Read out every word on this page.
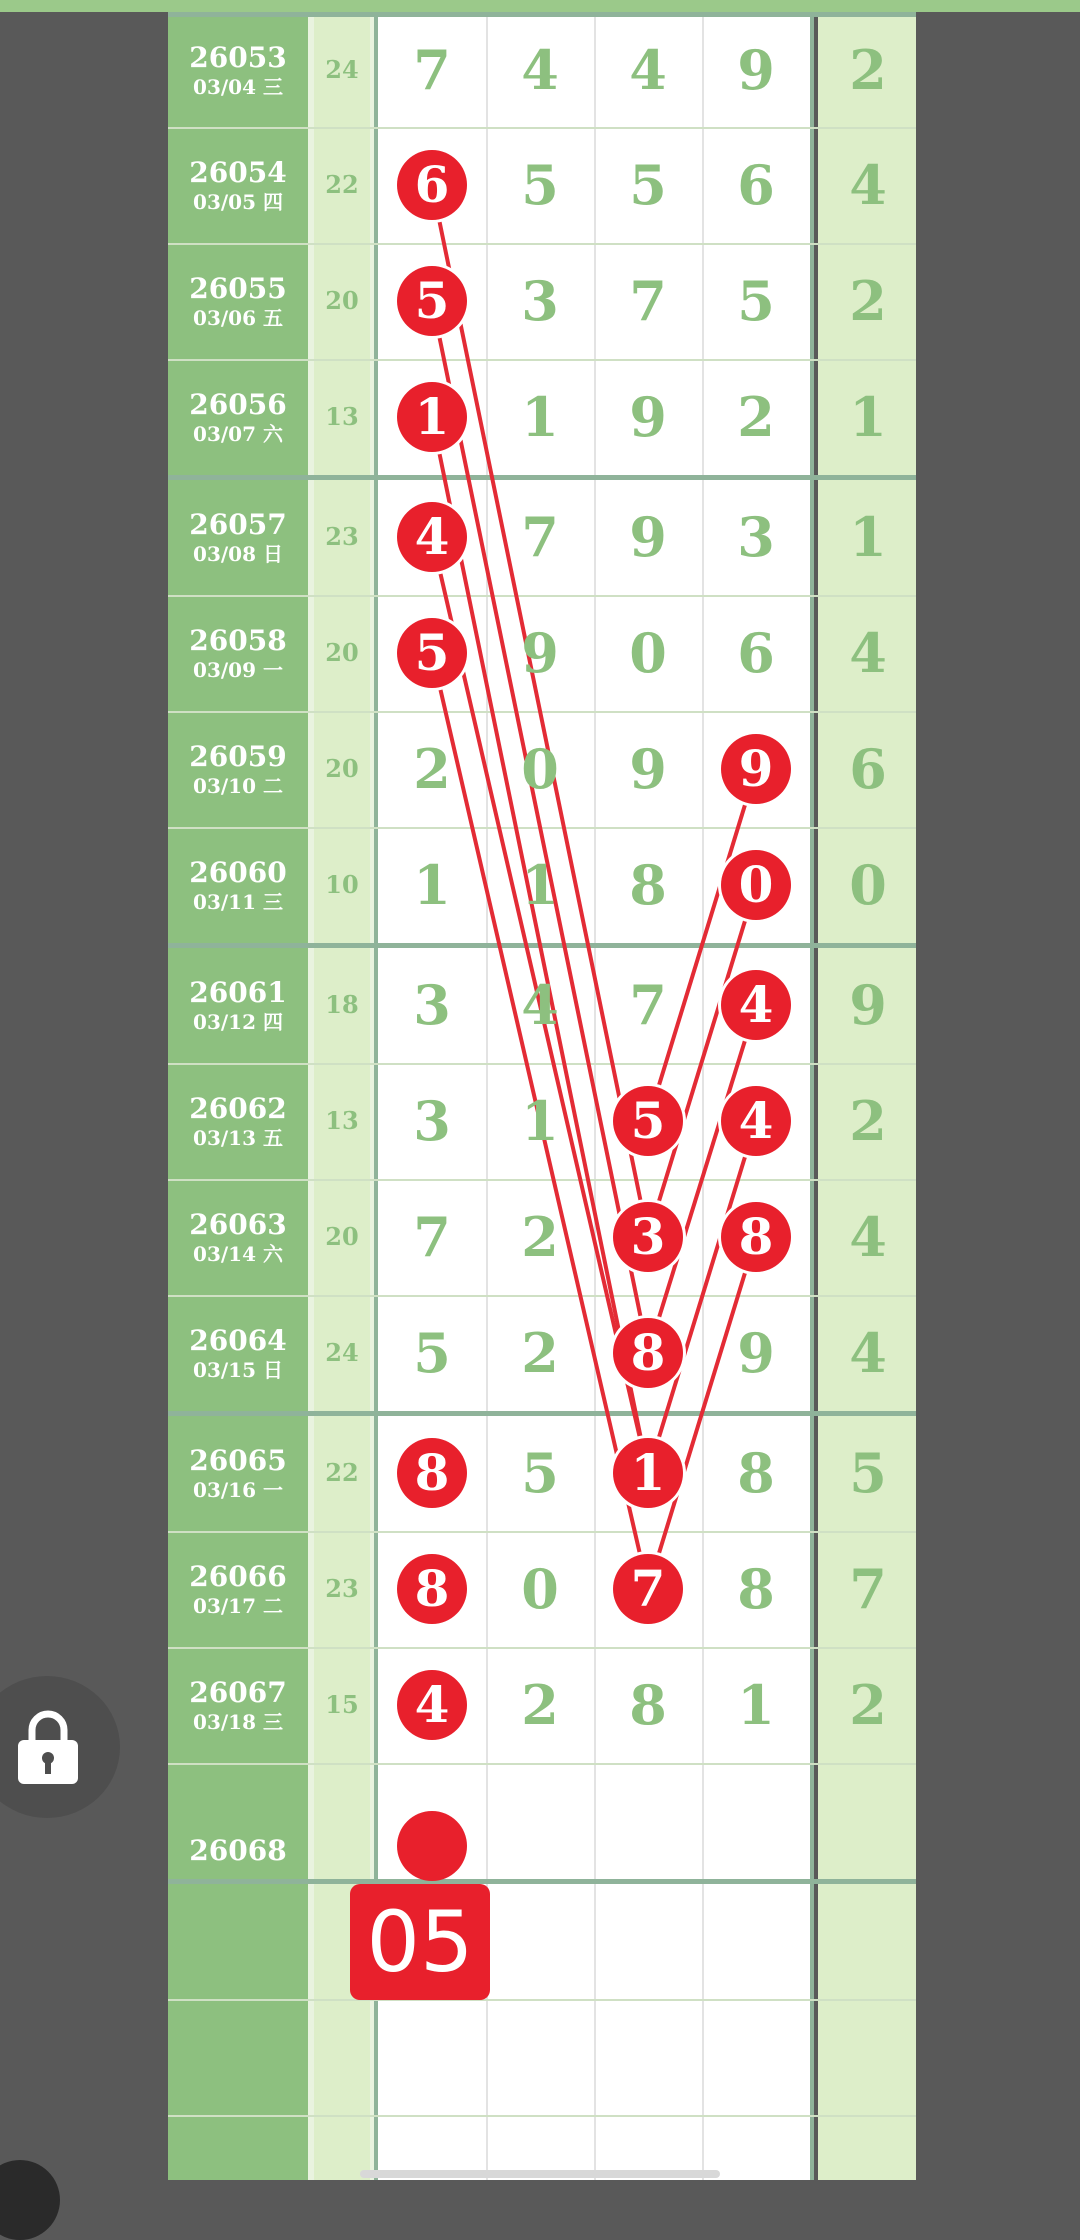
26053
03/04 三
24	7	4	4	9	2
26054
03/05 四
22	6	5	5	6	4
26055
03/06 五
20	5	3	7	5	2
26056
03/07 六
13	1	1	9	2	1
26057
03/08 日
23	4	7	9	3	1
26058
03/09 一
20	5	9	0	6	4
26059
03/10 二
20	2	0	9	9	6
26060
03/11 三
10	1	1	8	0	0
26061
03/12 四
18	3	4	7	4	9
26062
03/13 五
13	3	1	5	4	2
26063
03/14 六
20	7	2	3	8	4
26064
03/15 日
24	5	2	8	9	4
26065
03/16 一
22	8	5	1	8	5
26066
03/17 二
23	8	0	7	8	7
26067
03/18 三
15	4	2	8	1	2
26068
05
